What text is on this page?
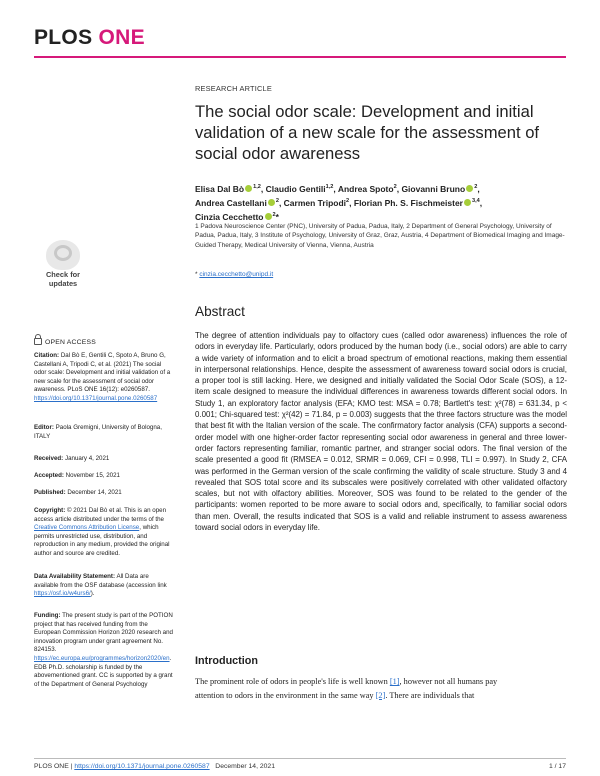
PLOS ONE
RESEARCH ARTICLE
The social odor scale: Development and initial validation of a new scale for the assessment of social odor awareness
Elisa Dal Bò $^{1,2}$, Claudio Gentili$^{1,2}$, Andrea Spoto$^2$, Giovanni Bruno $^2$,
Andrea Castellani $^2$, Carmen Tripodi$^2$, Florian Ph. S. Fischmeister $^{3,4}$,
Cinzia Cecchetto $^2$*
1 Padova Neuroscience Center (PNC), University of Padua, Padua, Italy, 2 Department of General Psychology, University of Padua, Padua, Italy, 3 Institute of Psychology, University of Graz, Graz, Austria, 4 Department of Biomedical Imaging and Image-Guided Therapy, Medical University of Vienna, Vienna, Austria
* cinzia.cecchetto@unipd.it
Abstract
The degree of attention individuals pay to olfactory cues (called odor awareness) influences the role of odors in everyday life. Particularly, odors produced by the human body (i.e., social odors) are able to carry a wide variety of information and to elicit a broad spectrum of emotional reactions, making them essential in interpersonal relationships. Hence, despite the assessment of awareness toward social odors is crucial, a proper tool is still lacking. Here, we designed and initially validated the Social Odor Scale (SOS), a 12-item scale designed to measure the individual differences in awareness towards different social odors. In Study 1, an exploratory factor analysis (EFA; KMO test: MSA = 0.78; Bartlett's test: χ²(78) = 631.34, p < 0.001; Chi-squared test: χ²(42) = 71.84, p = 0.003) suggests that the three factors structure was the model that best fit with the Italian version of the scale. The confirmatory factor analysis (CFA) supports a second-order model with one higher-order factor representing social odor awareness in general and three lower-order factors representing familiar, romantic partner, and stranger social odors. The final version of the scale presented a good fit (RMSEA = 0.012, SRMR = 0.069, CFI = 0.998, TLI = 0.997). In Study 2, CFA was performed in the German version of the scale confirming the validity of scale structure. Study 3 and 4 revealed that SOS total score and its subscales were positively correlated with other validated olfactory scales, but not with olfactory abilities. Moreover, SOS was found to be related to the gender of the participants: women reported to be more aware to social odors and, specifically, to familiar social odors than men. Overall, the results indicated that SOS is a valid and reliable instrument to assess awareness toward social odors in everyday life.
Introduction
The prominent role of odors in people's life is well known [1], however not all humans pay
attention to odors in the environment in the same way [2]. There are individuals that
Check for
updates
OPEN ACCESS
Citation: Dal Bò E, Gentili C, Spoto A, Bruno G, Castellani A, Tripodi C, et al. (2021) The social odor scale: Development and initial validation of a new scale for the assessment of social odor awareness. PLoS ONE 16(12): e0260587. https://doi.org/10.1371/journal.pone.0260587
Editor: Paola Gremigni, University of Bologna, ITALY
Received: January 4, 2021
Accepted: November 15, 2021
Published: December 14, 2021
Copyright: © 2021 Dal Bò et al. This is an open access article distributed under the terms of the Creative Commons Attribution License, which permits unrestricted use, distribution, and reproduction in any medium, provided the original author and source are credited.
Data Availability Statement: All Data are available from the OSF database (accession link https://osf.io/w4urs6/).
Funding: The present study is part of the POTION project that has received funding from the European Commission Horizon 2020 research and innovation program under grant agreement No. 824153. https://ec.europa.eu/programmes/horizon2020/en. EDB Ph.D. scholarship is funded by the abovementioned grant. CC is supported by a grant of the Department of General Psychology
PLOS ONE | https://doi.org/10.1371/journal.pone.0260587 December 14, 2021	1 / 17
